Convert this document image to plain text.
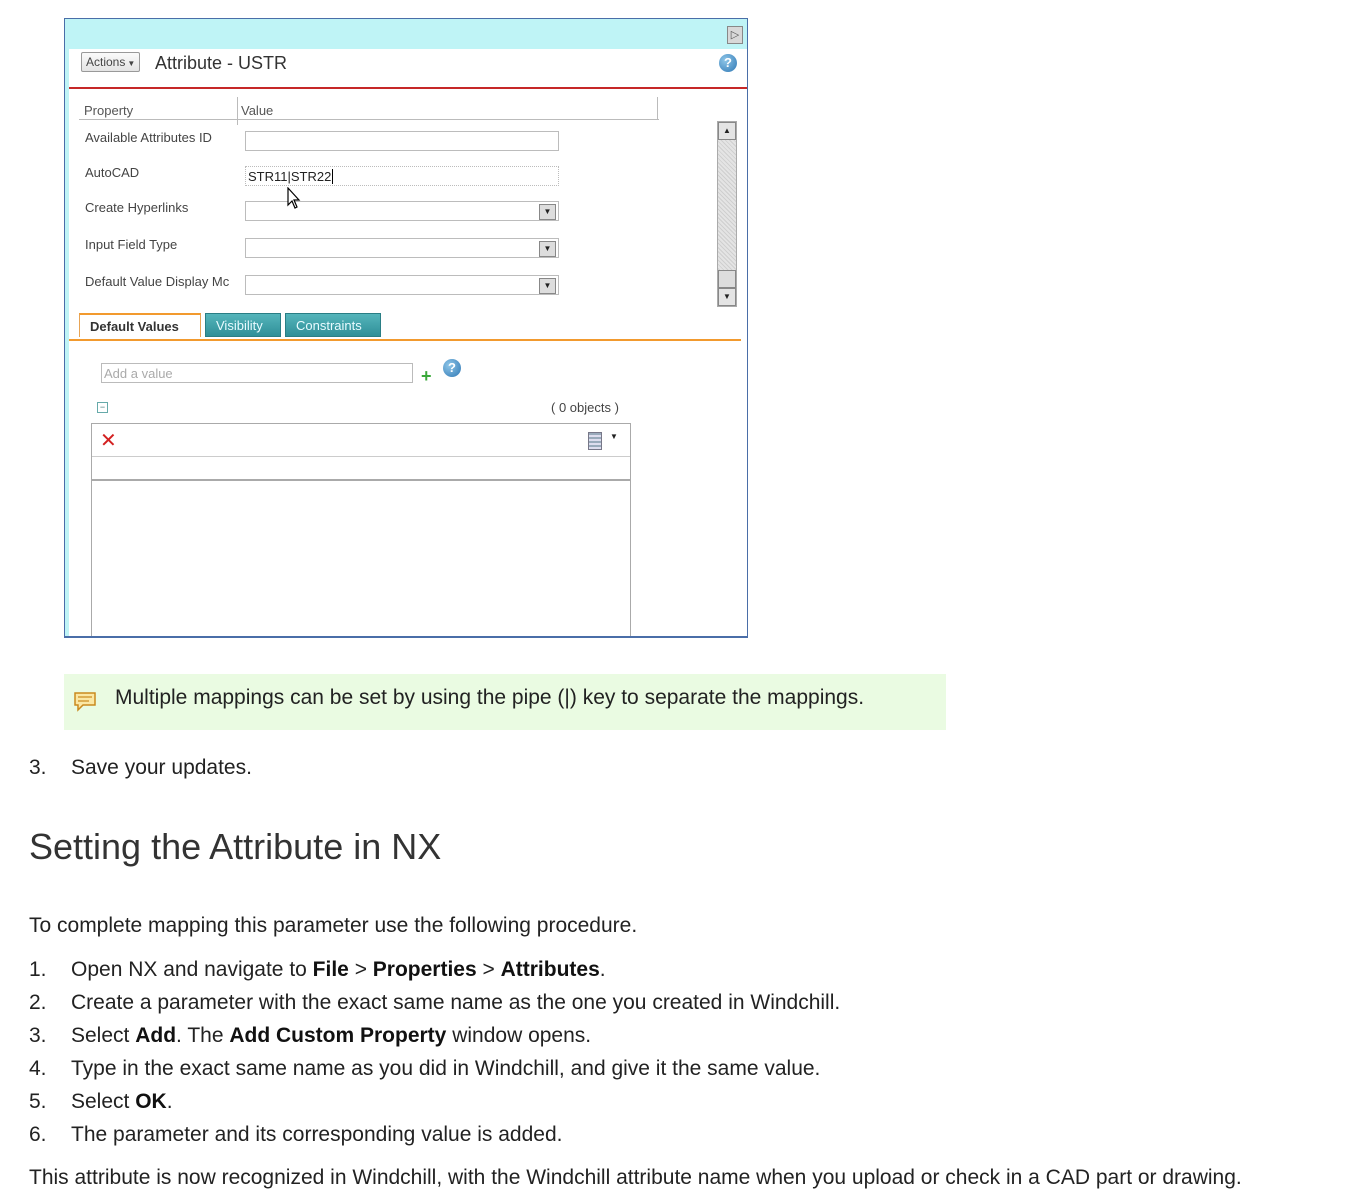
▷
Actions ▼ Attribute - USTR	?
Property	Value
Available Attributes ID
AutoCAD	STR11|STR22
Create Hyperlinks	▼
Input Field Type	▼
Default Value Display Mc	▼
▲
▼
Default Values	Visibility	Constraints
Add a value	+	?
−	( 0 objects )
✕	▼
Multiple mappings can be set by using the pipe (|) key to separate the mappings.
3. Save your updates.
Setting the Attribute in NX
To complete mapping this parameter use the following procedure.
1. Open NX and navigate to File > Properties > Attributes.
2. Create a parameter with the exact same name as the one you created in Windchill.
3. Select Add. The Add Custom Property window opens.
4. Type in the exact same name as you did in Windchill, and give it the same value.
5. Select OK.
6. The parameter and its corresponding value is added.
This attribute is now recognized in Windchill, with the Windchill attribute name when you upload or check in a CAD part or drawing.
